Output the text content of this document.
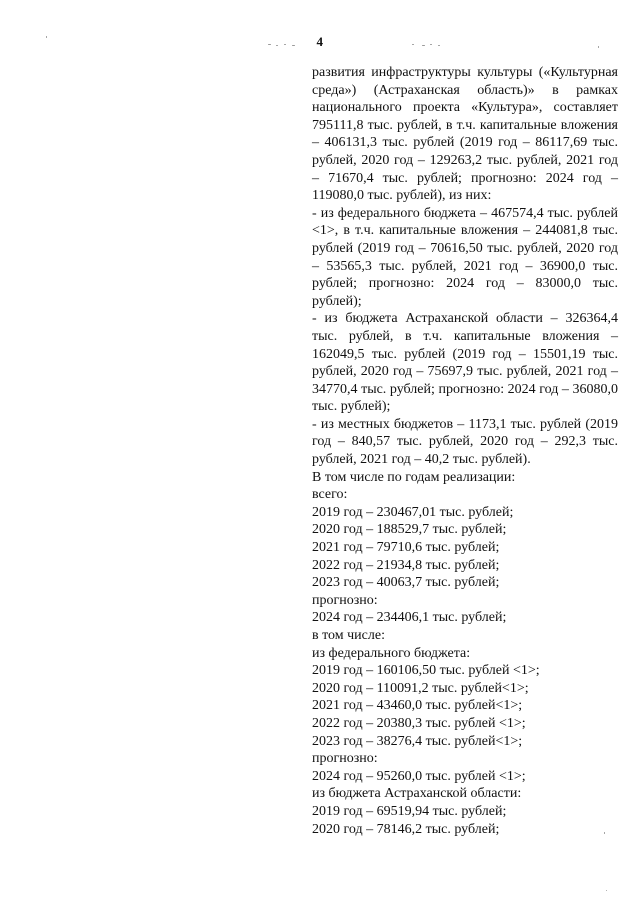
4

развития инфраструктуры культуры («Культурная среда») (Астраханская область)» в рамках национального проекта «Культура», составляет 795111,8 тыс. рублей, в т.ч. капитальные вложения – 406131,3 тыс. рублей (2019 год – 86117,69 тыс. рублей, 2020 год – 129263,2 тыс. рублей, 2021 год – 71670,4 тыс. рублей; прогнозно: 2024 год – 119080,0 тыс. рублей), из них:

- из федерального бюджета – 467574,4 тыс. рублей <1>, в т.ч. капитальные вложения – 244081,8 тыс. рублей (2019 год – 70616,50 тыс. рублей, 2020 год – 53565,3 тыс. рублей, 2021 год – 36900,0 тыс. рублей; прогнозно: 2024 год – 83000,0 тыс. рублей);

- из бюджета Астраханской области – 326364,4 тыс. рублей, в т.ч. капитальные вложения – 162049,5 тыс. рублей (2019 год – 15501,19 тыс. рублей, 2020 год – 75697,9 тыс. рублей, 2021 год – 34770,4 тыс. рублей; прогнозно: 2024 год – 36080,0 тыс. рублей);

- из местных бюджетов – 1173,1 тыс. рублей (2019 год – 840,57 тыс. рублей, 2020 год – 292,3 тыс. рублей, 2021 год – 40,2 тыс. рублей).

В том числе по годам реализации:

всего:

2019 год – 230467,01 тыс. рублей;

2020 год – 188529,7 тыс. рублей;

2021 год – 79710,6 тыс. рублей;

2022 год – 21934,8 тыс. рублей;

2023 год – 40063,7 тыс. рублей;

прогнозно:

2024 год – 234406,1 тыс. рублей;

в том числе:

из федерального бюджета:

2019 год – 160106,50 тыс. рублей <1>;

2020 год – 110091,2 тыс. рублей<1>;

2021 год – 43460,0 тыс. рублей<1>;

2022 год – 20380,3 тыс. рублей <1>;

2023 год – 38276,4 тыс. рублей<1>;

прогнозно:

2024 год – 95260,0 тыс. рублей <1>;

из бюджета Астраханской области:

2019 год – 69519,94 тыс. рублей;

2020 год – 78146,2 тыс. рублей;
